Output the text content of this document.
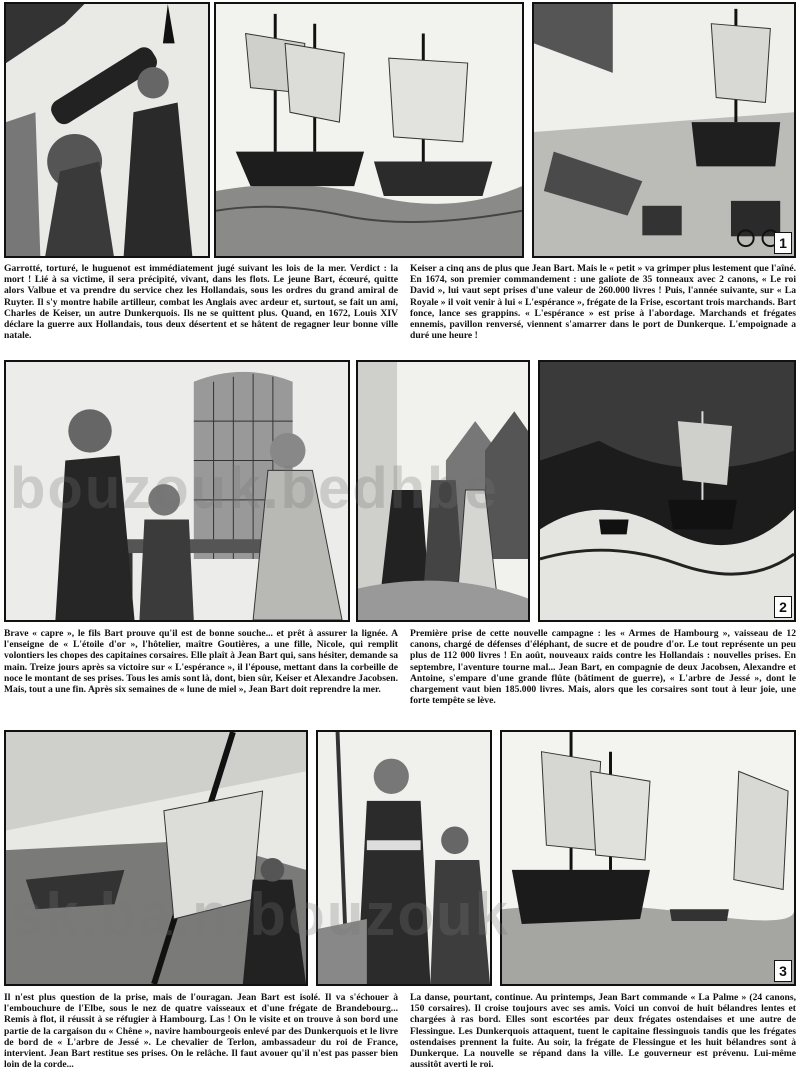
1

Garrotté, torturé, le huguenot est immédiatement jugé suivant les lois de la mer. Verdict : la mort ! Lié à sa victime, il sera précipité, vivant, dans les flots. Le jeune Bart, écœuré, quitte alors Valbue et va prendre du service chez les Hollandais, sous les ordres du grand amiral de Ruyter. Il s'y montre habile artilleur, combat les Anglais avec ardeur et, surtout, se fait un ami, Charles de Keiser, un autre Dunkerquois. Ils ne se quittent plus. Quand, en 1672, Louis XIV déclare la guerre aux Hollandais, tous deux désertent et se hâtent de regagner leur bonne ville natale.

Keiser a cinq ans de plus que Jean Bart. Mais le « petit » va grimper plus lestement que l'aîné. En 1674, son premier commandement : une galiote de 35 tonneaux avec 2 canons, « Le roi David », lui vaut sept prises d'une valeur de 260.000 livres ! Puis, l'année suivante, sur « La Royale » il voit venir à lui « L'espérance », frégate de la Frise, escortant trois marchands. Bart fonce, lance ses grappins. « L'espérance » est prise à l'abordage. Marchands et frégates ennemis, pavillon renversé, viennent s'amarrer dans le port de Dunkerque. L'empoignade a duré une heure !

2

Brave « capre », le fils Bart prouve qu'il est de bonne souche... et prêt à assurer la lignée. A l'enseigne de « L'étoile d'or », l'hôtelier, maître Goutières, a une fille, Nicole, qui remplit volontiers les chopes des capitaines corsaires. Elle plaît à Jean Bart qui, sans hésiter, demande sa main. Treize jours après sa victoire sur « L'espérance », il l'épouse, mettant dans la corbeille de noce le montant de ses prises. Tous les amis sont là, dont, bien sûr, Keiser et Alexandre Jacobsen. Mais, tout a une fin. Après six semaines de « lune de miel », Jean Bart doit reprendre la mer.

Première prise de cette nouvelle campagne : les « Armes de Hambourg », vaisseau de 12 canons, chargé de défenses d'éléphant, de sucre et de poudre d'or. Le tout représente un peu plus de 112 000 livres ! En août, nouveaux raids contre les Hollandais : nouvelles prises. En septembre, l'aventure tourne mal... Jean Bart, en compagnie de deux Jacobsen, Alexandre et Antoine, s'empare d'une grande flûte (bâtiment de guerre), « L'arbre de Jessé », dont le chargement vaut bien 185.000 livres. Mais, alors que les corsaires sont tout à leur joie, une forte tempête se lève.

3

Il n'est plus question de la prise, mais de l'ouragan. Jean Bart est isolé. Il va s'échouer à l'embouchure de l'Elbe, sous le nez de quatre vaisseaux et d'une frégate de Brandebourg... Remis à flot, il réussit à se réfugier à Hambourg. Las ! On le visite et on trouve à son bord une partie de la cargaison du « Chêne », navire hambourgeois enlevé par des Dunkerquois et le livre de bord de « L'arbre de Jessé ». Le chevalier de Terlon, ambassadeur du roi de France, intervient. Jean Bart restitue ses prises. On le relâche. Il faut avouer qu'il n'est pas passer bien loin de la corde...

La danse, pourtant, continue. Au printemps, Jean Bart commande « La Palme » (24 canons, 150 corsaires). Il croise toujours avec ses amis. Voici un convoi de huit bélandres lentes et chargées à ras bord. Elles sont escortées par deux frégates ostendaises et une autre de Flessingue. Les Dunkerquois attaquent, tuent le capitaine flessinguois tandis que les frégates ostendaises prennent la fuite. Au soir, la frégate de Flessingue et les huit bélandres sont à Dunkerque. La nouvelle se répand dans la ville. Le gouverneur est prévenu. Lui-même aussitôt averti le roi.

bouzouk.bedhbe
sk.ba.n.bouzouk
